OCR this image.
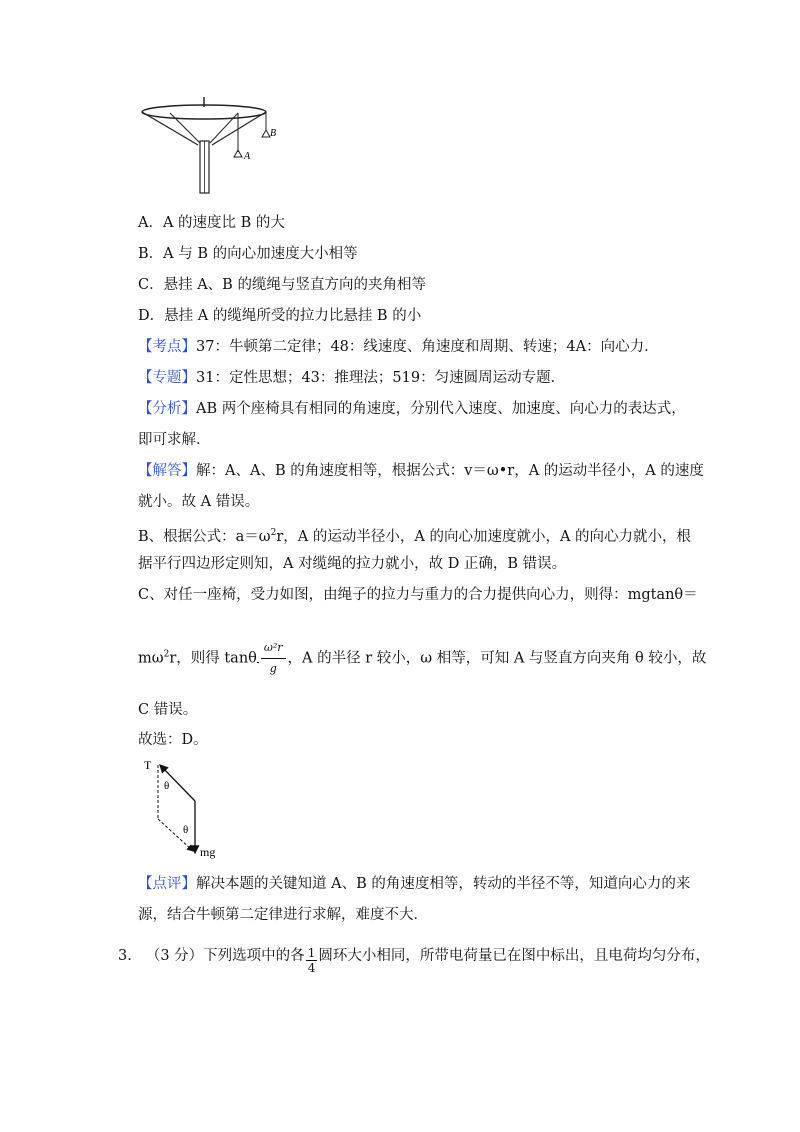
A
B
A．A 的速度比 B 的大
B．A 与 B 的向心加速度大小相等
C．悬挂 A、B 的缆绳与竖直方向的夹角相等
D．悬挂 A 的缆绳所受的拉力比悬挂 B 的小
【考点】37：牛顿第二定律；48：线速度、角速度和周期、转速；4A：向心力．
【专题】31：定性思想；43：推理法；519：匀速圆周运动专题．
【分析】AB 两个座椅具有相同的角速度，分别代入速度、加速度、向心力的表达式，
即可求解．
【解答】解：A、A、B 的角速度相等，根据公式：v＝ω•r，A 的运动半径小，A 的速度
就小。故 A 错误。
B、根据公式：$a=\omega^2r$，A 的运动半径小，A 的向心加速度就小，A 的向心力就小，根
据平行四边形定则知，A 对缆绳的拉力就小，故 D 正确，B 错误。
C、对任一座椅，受力如图，由绳子的拉力与重力的合力提供向心力，则得：mgtanθ＝
$m\omega^2r$，则得 tanθ $\frac{\text{ω²r}}{g}$ ，A 的半径 r 较小，ω 相等，可知 A 与竖直方向夹角 θ 较小，故
C 错误。
故选：D。
T
θ
θ
mg
【点评】解决本题的关键知道 A、B 的角速度相等，转动的半径不等，知道向心力的来
源，结合牛顿第二定律进行求解，难度不大．
3. （3 分）下列选项中的各 $\frac{1}{4}$ 圆环大小相同，所带电荷量已在图中标出，且电荷均匀分布，
